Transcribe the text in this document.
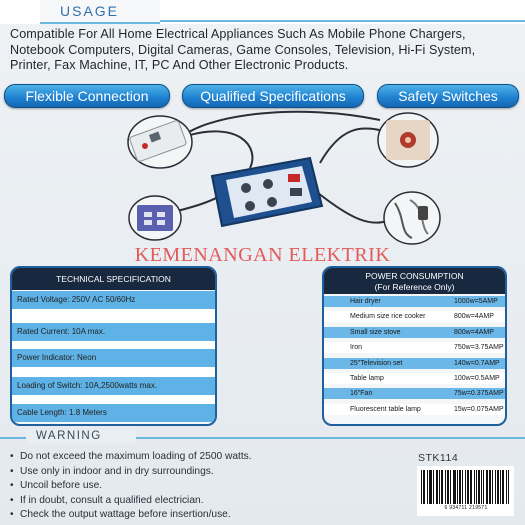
USAGE
Compatible For All Home Electrical Appliances Such As Mobile Phone Chargers,
Notebook Computers, Digital Cameras, Game Consoles, Television, Hi-Fi System,
Printer, Fax Machine, IT, PC And Other Electronic Products.
Flexible Connection	Qualified Specifications	Safety Switches
KEMENANGAN ELEKTRIK
TECHNICAL SPECIFICATION
Rated Voltage: 250V AC 50/60Hz
Rated Current: 10A max.
Power Indicator: Neon
Loading of Switch: 10A,2500watts max.
Cable Length: 1.8 Meters
POWER CONSUMPTION
(For Reference Only)
Hair dryer	1000w=5AMP
Medium size rice cooker	800w=4AMP
Small size stove	800w=4AMP
Iron	750w=3.75AMP
25"Television set	140w=0.7AMP
Table lamp	100w=0.5AMP
16"Fan	75w=0.375AMP
Fluorescent table lamp	15w=0.075AMP
WARNING
• Do not exceed the maximum loading of 2500 watts.
• Use only in indoor and in dry surroundings.
• Uncoil before use.
• If in doubt, consult a qualified electrician.
• Check the output wattage before insertion/use.
STK114
6 934711 219571
